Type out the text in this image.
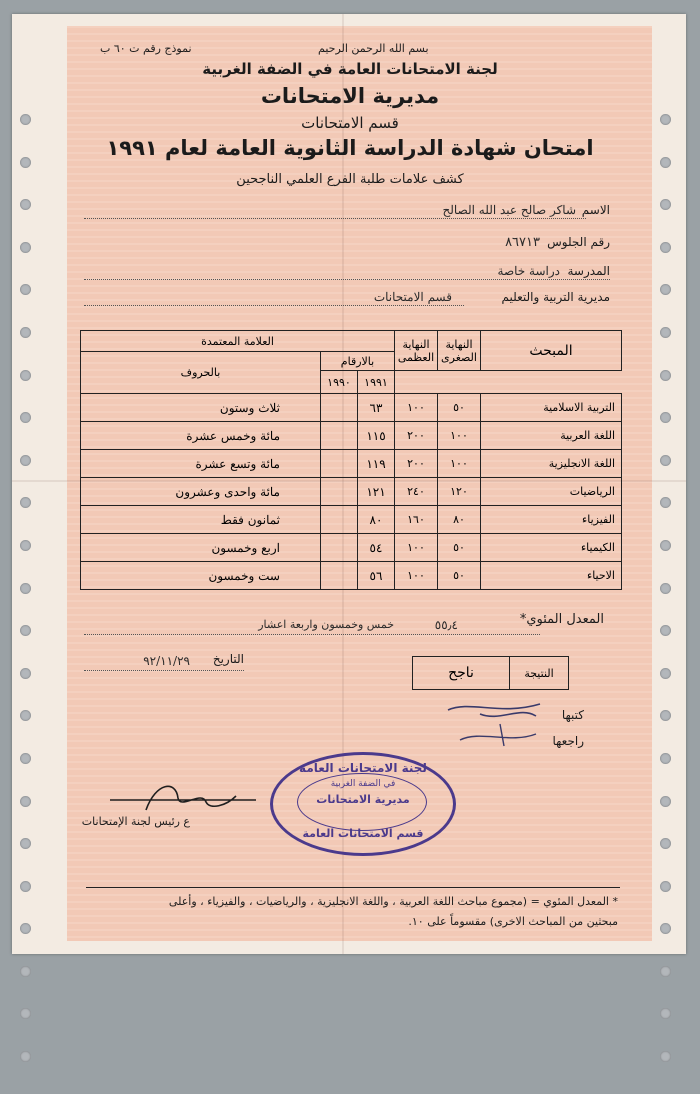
بسم الله الرحمن الرحيم
نموذج رقم ت ٦٠ ب
لجنة الامتحانات العامة في الضفة الغربية
مديرية الامتحانات
قسم الامتحانات
امتحان شهادة الدراسة الثانوية العامة لعام ١٩٩١
كشف علامات طلبة الفرع العلمي الناجحين
الاسم
شاكر صالح عبد الله الصالح
رقم الجلوس
٨٦٧١٣
المدرسة
دراسة خاصة
مديرية التربية والتعليم
قسم الامتحانات
المبحث	النهاية الصغرى	النهاية العظمى	العلامة المعتمدة		
			بالارقام		بالحروف
			١٩٩١	١٩٩٠	
التربية الاسلامية	٥٠	١٠٠	٦٣		ثلاث وستون
اللغة العربية	١٠٠	٢٠٠	١١٥		مائة وخمس عشرة
اللغة الانجليزية	١٠٠	٢٠٠	١١٩		مائة وتسع عشرة
الرياضيات	١٢٠	٢٤٠	١٢١		مائة واحدى وعشرون
الفيزياء	٨٠	١٦٠	٨٠		ثمانون فقط
الكيمياء	٥٠	١٠٠	٥٤		اربع وخمسون
الاحياء	٥٠	١٠٠	٥٦		ست وخمسون
المعدل المئوي*
٥٥٫٤
خمس وخمسون واربعة اعشار
التاريخ
٩٢/١١/٢٩
النتيجة
ناجح
كتبها
راجعها
ﻉ رئيس لجنة الإمتحانات
لجنة الامتحانات العامة
في الضفة الغربية
مديرية الامتحانات
قسم الامتحانات العامة
* المعدل المئوي = (مجموع مباحث اللغة العربية ، واللغة الانجليزية ، والرياضيات ، والفيزياء ، وأعلى
مبحثين من المباحث الاخرى) مقسوماً على ١٠.
